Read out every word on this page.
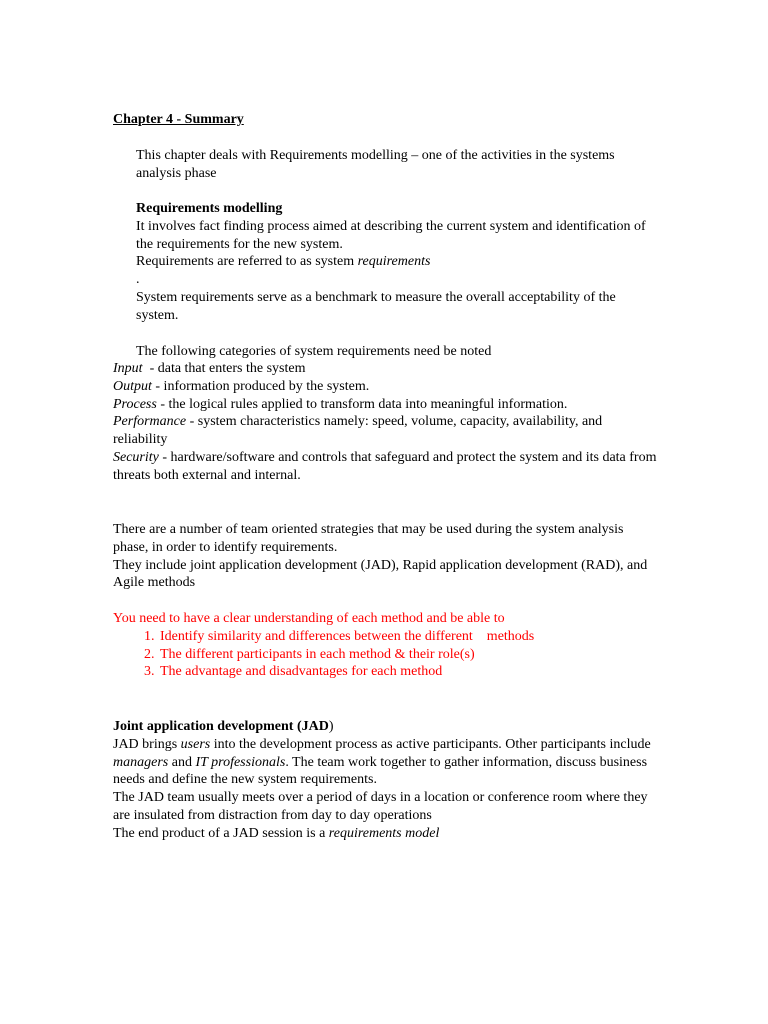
Chapter 4 - Summary

This chapter deals with Requirements modelling – one of the activities in the systems analysis phase

Requirements modelling

It involves fact finding process aimed at describing the current system and identification of the requirements for the new system.

Requirements are referred to as system requirements

.

System requirements serve as a benchmark to measure the overall acceptability of the system.

The following categories of system requirements need be noted

Input  - data that enters the system

Output - information produced by the system.

Process - the logical rules applied to transform data into meaningful information.

Performance - system characteristics namely: speed, volume, capacity, availability, and reliability

Security - hardware/software and controls that safeguard and protect the system and its data from threats both external and internal.

There are a number of team oriented strategies that may be used during the system analysis phase, in order to identify requirements.

They include joint application development (JAD), Rapid application development (RAD), and Agile methods

You need to have a clear understanding of each method and be able to

1. Identify similarity and differences between the different    methods
2. The different participants in each method & their role(s)
3. The advantage and disadvantages for each method

Joint application development (JAD)

JAD brings users into the development process as active participants. Other participants include managers and IT professionals. The team work together to gather information, discuss business needs and define the new system requirements.

The JAD team usually meets over a period of days in a location or conference room where they are insulated from distraction from day to day operations

The end product of a JAD session is a requirements model
